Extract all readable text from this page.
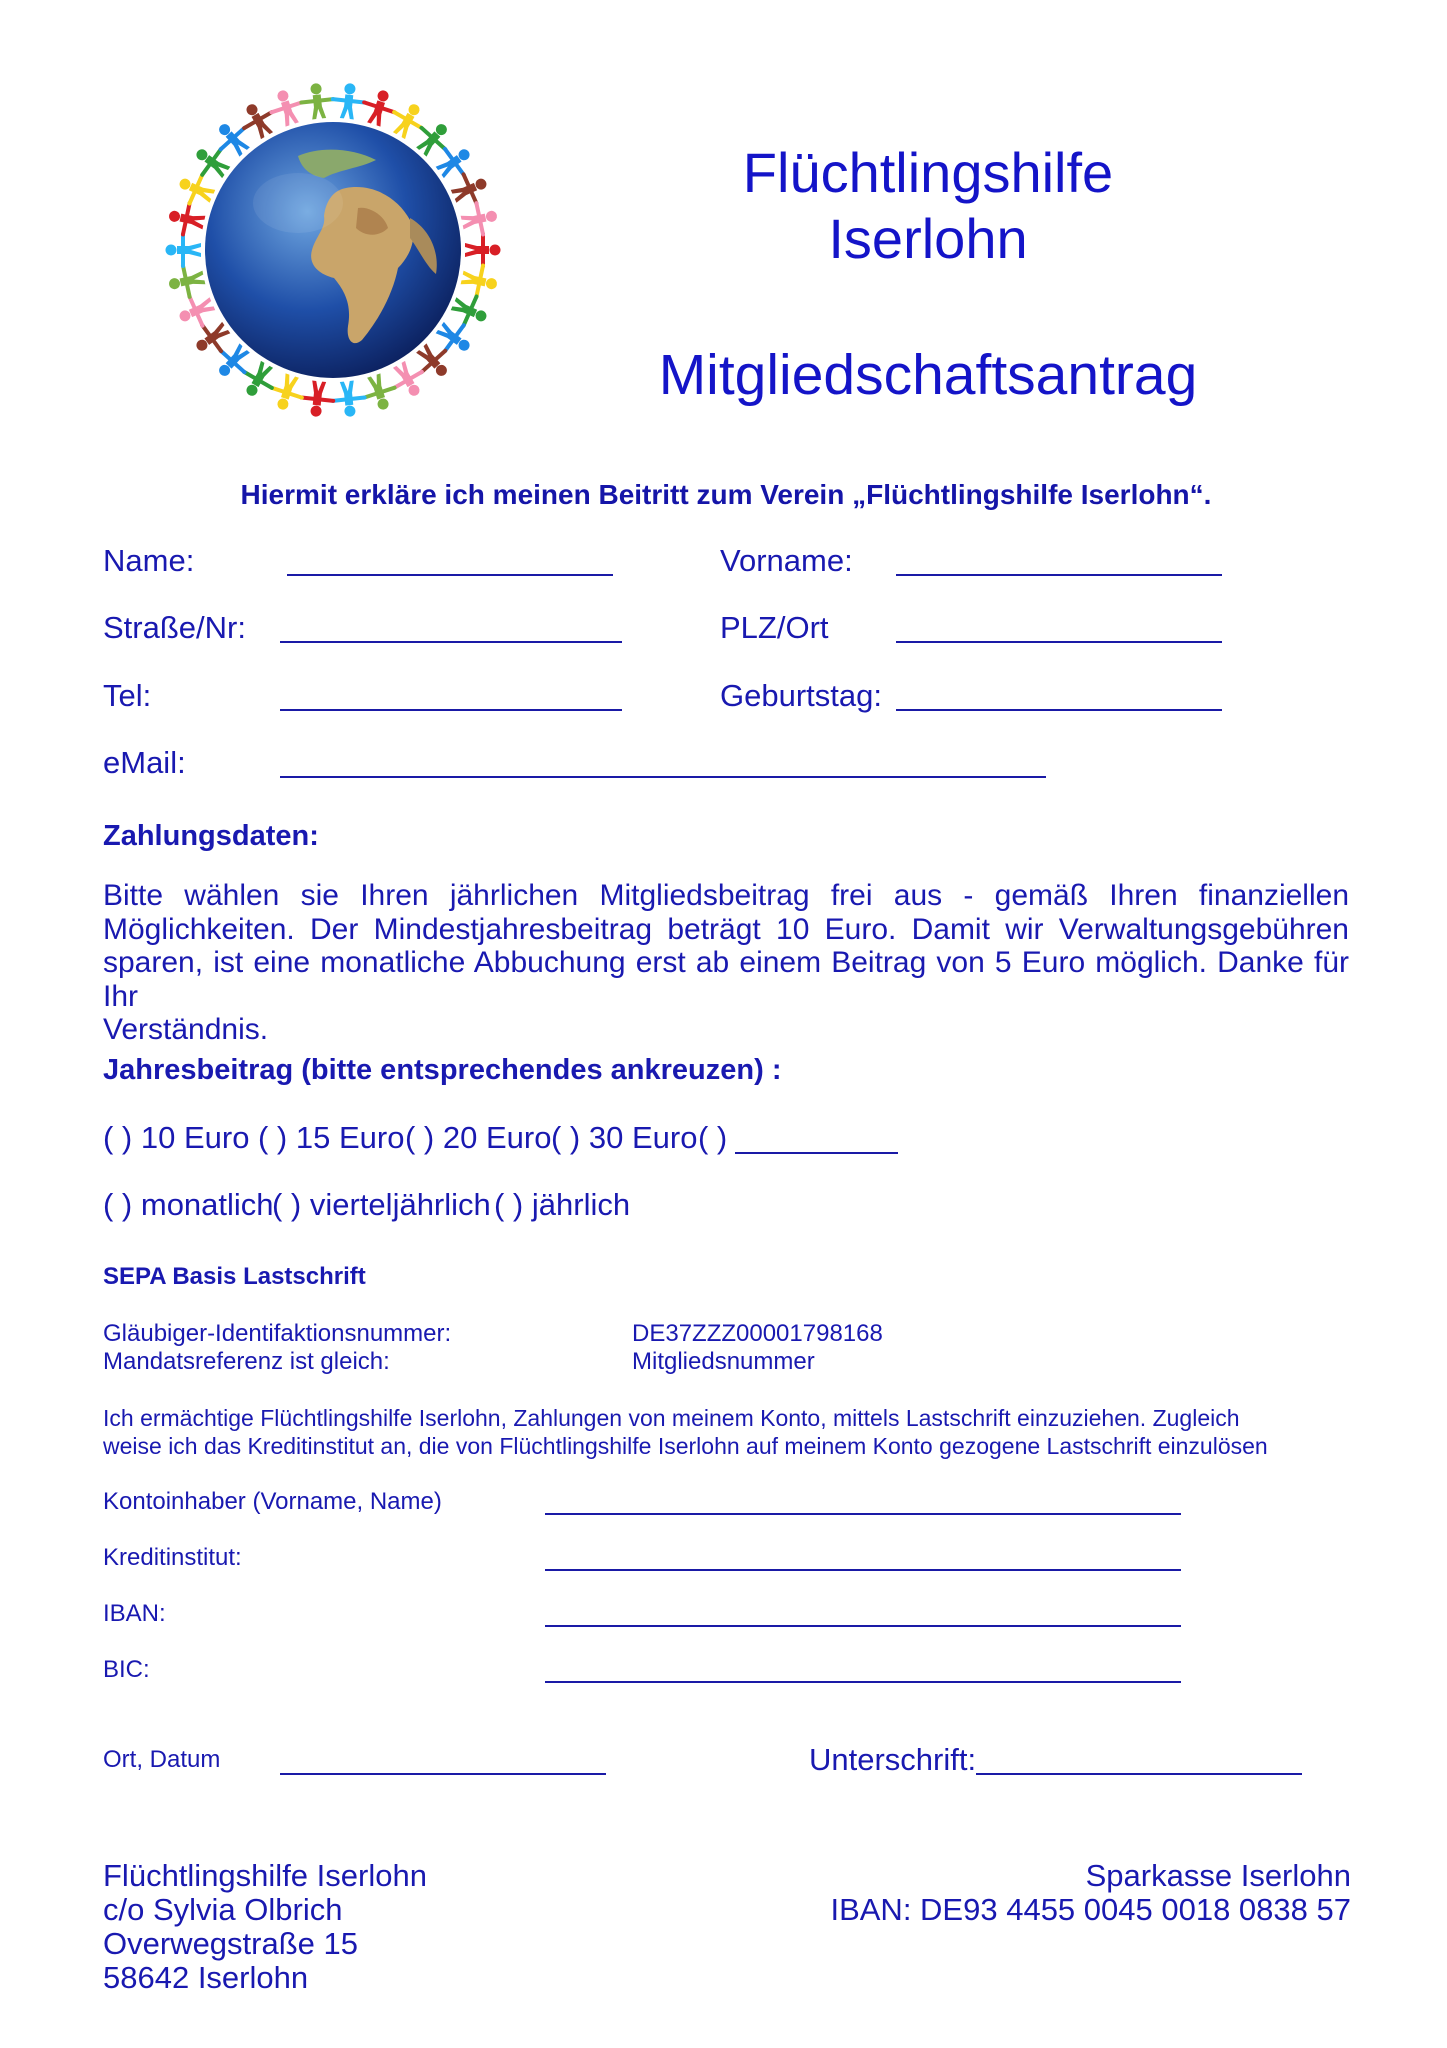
Flüchtlingshilfe
Iserlohn
Mitgliedschaftsantrag
Hiermit erkläre ich meinen Beitritt zum Verein „Flüchtlingshilfe Iserlohn“.
Name:	Vorname:
Straße/Nr:	PLZ/Ort
Tel:	Geburtstag:
eMail:
Zahlungsdaten:

Bitte wählen sie Ihren jährlichen Mitgliedsbeitrag frei aus - gemäß Ihren finanziellen

Möglichkeiten. Der Mindestjahresbeitrag beträgt 10 Euro. Damit wir Verwaltungsgebühren

sparen, ist eine monatliche Abbuchung erst ab einem Beitrag von 5 Euro möglich. Danke für Ihr

Verständnis.

Jahresbeitrag (bitte entsprechendes ankreuzen) :
( ) 10 Euro ( ) 15 Euro ( ) 20 Euro ( ) 30 Euro ( )
( ) monatlich
( ) vierteljährlich ( ) jährlich
SEPA Basis Lastschrift
Gläubiger-Identifaktionsnummer:	DE37ZZZ00001798168
Mandatsreferenz ist gleich:	Mitgliedsnummer
Ich ermächtige Flüchtlingshilfe Iserlohn, Zahlungen von meinem Konto, mittels Lastschrift einzuziehen. Zugleich
weise ich das Kreditinstitut an, die von Flüchtlingshilfe Iserlohn auf meinem Konto gezogene Lastschrift einzulösen
Kontoinhaber (Vorname, Name)
Kreditinstitut:
IBAN:
BIC:
Ort, Datum	Unterschrift:
Flüchtlingshilfe Iserlohn
c/o Sylvia Olbrich
Overwegstraße 15
58642 Iserlohn
Sparkasse Iserlohn
IBAN: DE93 4455 0045 0018 0838 57
